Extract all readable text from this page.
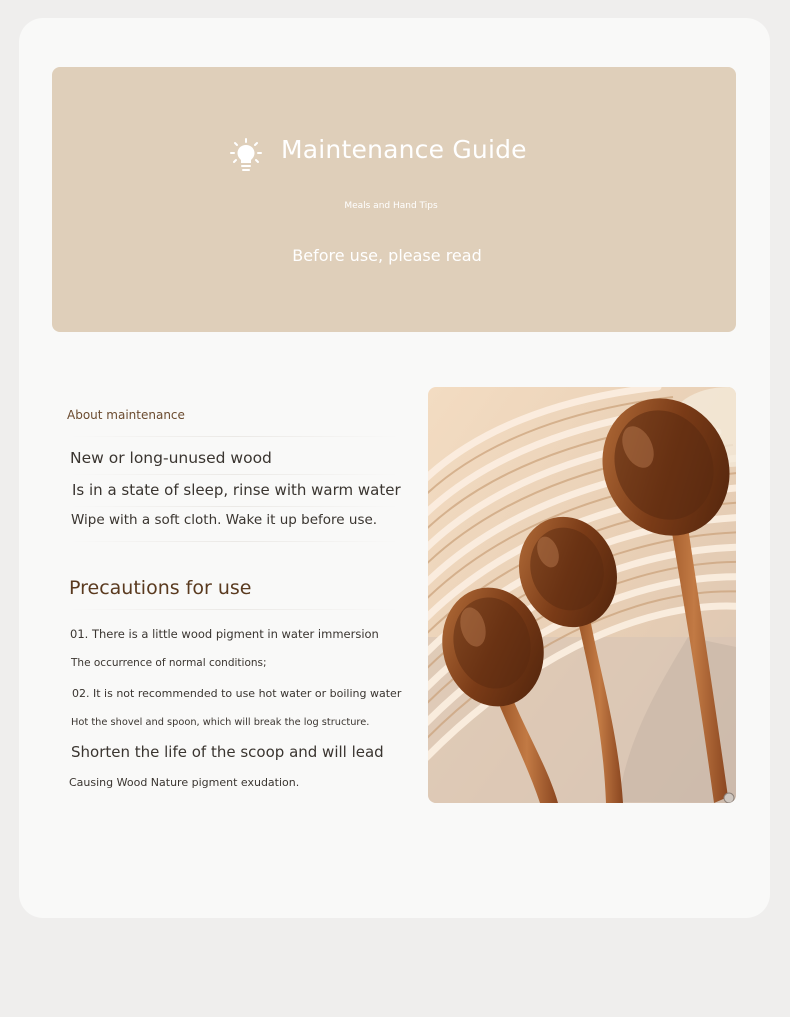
Maintenance Guide
Meals and Hand Tips
Before use, please read
About maintenance
New or long-unused wood
Is in a state of sleep, rinse with warm water
Wipe with a soft cloth. Wake it up before use.
Precautions for use
01. There is a little wood pigment in water immersion
The occurrence of normal conditions;
02. It is not recommended to use hot water or boiling water
Hot the shovel and spoon, which will break the log structure.
Shorten the life of the scoop and will lead
Causing Wood Nature pigment exudation.
